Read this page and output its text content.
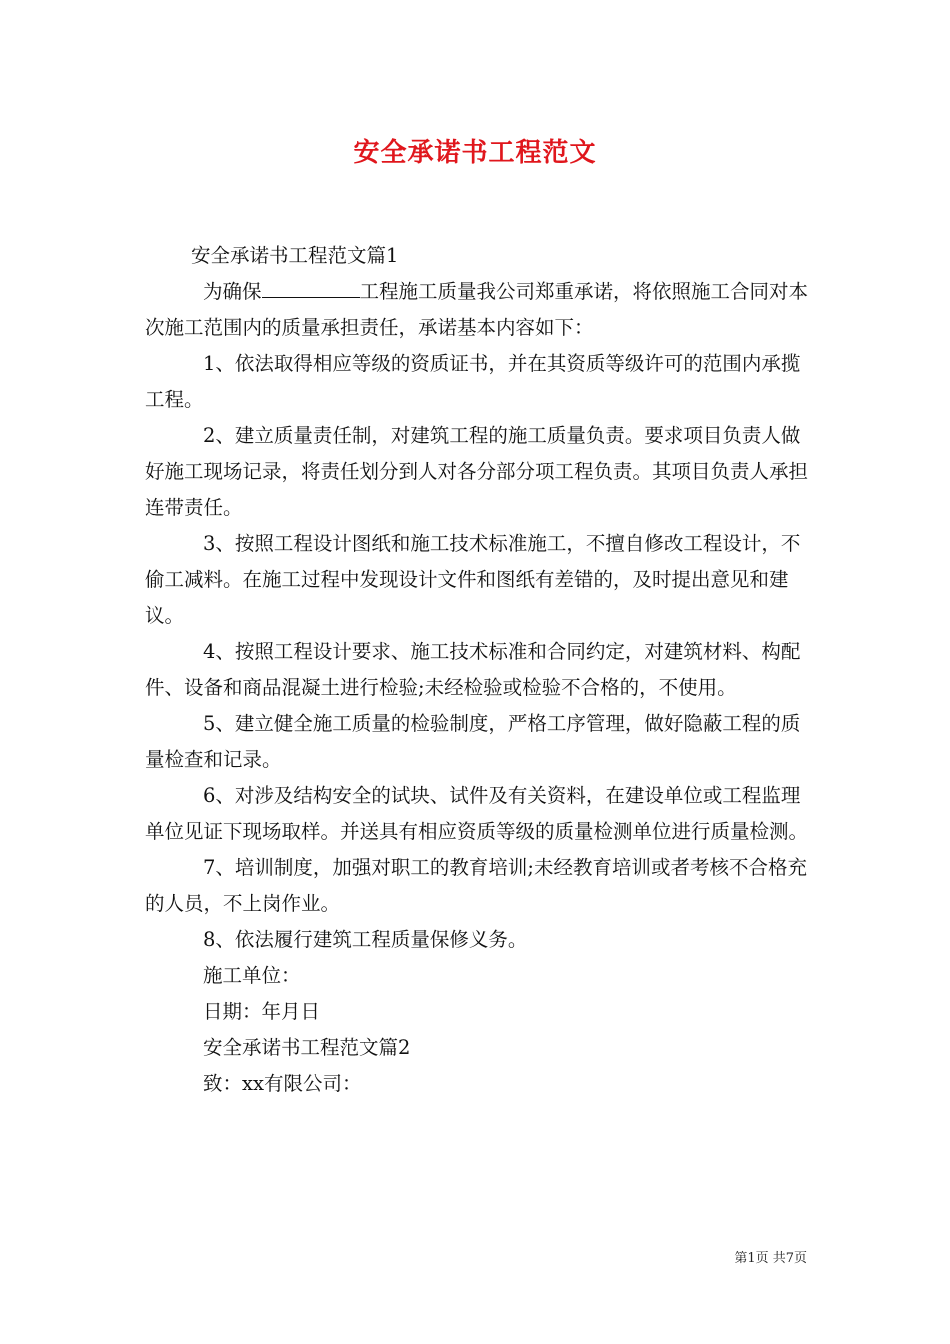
安全承诺书工程范文

安全承诺书工程范文篇1

为确保	工程施工质量我公司郑重承诺，将依照施工合同对本次施工范围内的质量承担责任，承诺基本内容如下：

1、依法取得相应等级的资质证书，并在其资质等级许可的范围内承揽工程。

2、建立质量责任制，对建筑工程的施工质量负责。要求项目负责人做好施工现场记录，将责任划分到人对各分部分项工程负责。其项目负责人承担连带责任。

3、按照工程设计图纸和施工技术标准施工，不擅自修改工程设计，不偷工减料。在施工过程中发现设计文件和图纸有差错的，及时提出意见和建议。

4、按照工程设计要求、施工技术标准和合同约定，对建筑材料、构配件、设备和商品混凝土进行检验;未经检验或检验不合格的，不使用。

5、建立健全施工质量的检验制度，严格工序管理，做好隐蔽工程的质量检查和记录。

6、对涉及结构安全的试块、试件及有关资料，在建设单位或工程监理单位见证下现场取样。并送具有相应资质等级的质量检测单位进行质量检测。

7、培训制度，加强对职工的教育培训;未经教育培训或者考核不合格充的人员，不上岗作业。

8、依法履行建筑工程质量保修义务。

施工单位：

日期：年月日

安全承诺书工程范文篇2

致：xx有限公司：

第1页 共7页
